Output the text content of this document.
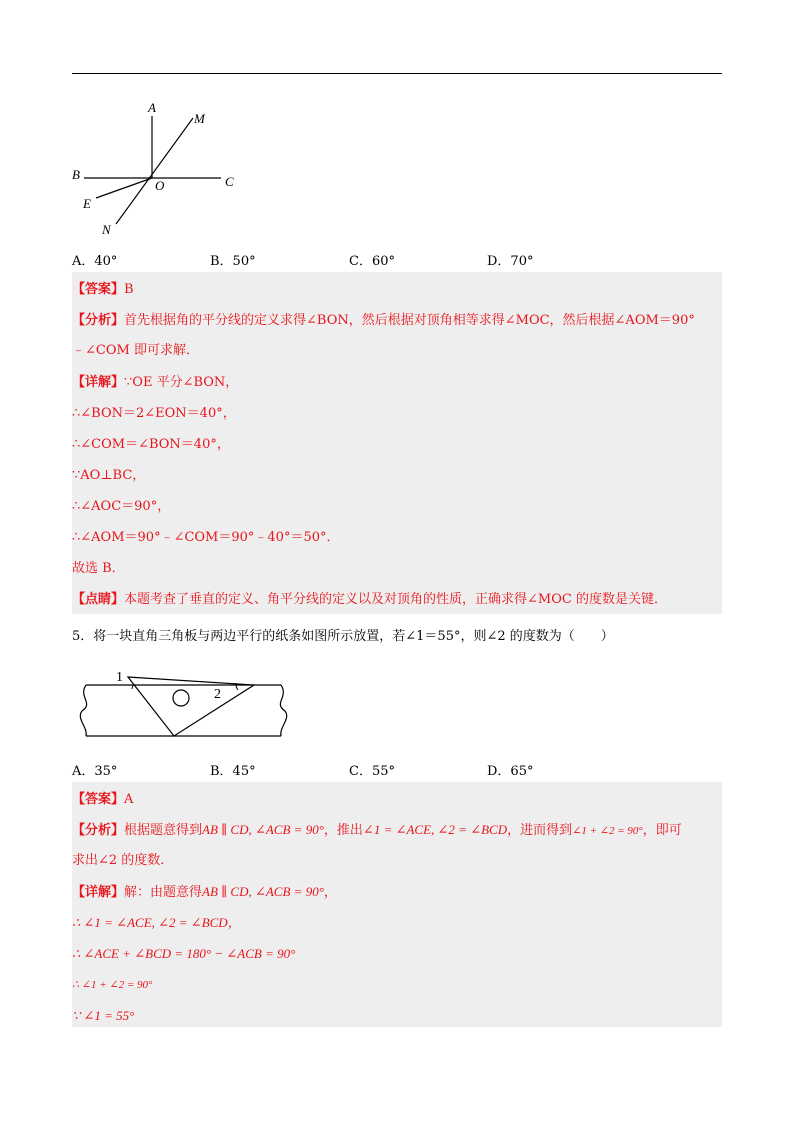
A
M
B
O	C
E
N
A．40°	B．50°	C．60°	D．70°
【答案】B
【分析】首先根据角的平分线的定义求得∠BON，然后根据对顶角相等求得∠MOC，然后根据∠AOM＝90°
﹣∠COM 即可求解．
【详解】∵OE 平分∠BON，
∴∠BON＝2∠EON＝40°，
∴∠COM＝∠BON＝40°，
∵AO⊥BC，
∴∠AOC＝90°，
∴∠AOM＝90°﹣∠COM＝90°﹣40°＝50°．
故选 B．
【点睛】本题考查了垂直的定义、角平分线的定义以及对顶角的性质，正确求得∠MOC 的度数是关键．
5．将一块直角三角板与两边平行的纸条如图所示放置，若∠1＝55°，则∠2 的度数为（　　）
1
2
A．35°	B．45°	C．55°	D．65°
【答案】A
【分析】根据题意得到AB ∥ CD, ∠ACB = 90°，推出∠1 = ∠ACE, ∠2 = ∠BCD，进而得到∠1 + ∠2 = 90°，即可
求出∠2 的度数．
【详解】解：由题意得AB ∥ CD, ∠ACB = 90°，
∴ ∠1 = ∠ACE, ∠2 = ∠BCD，
∴ ∠ACE + ∠BCD = 180° − ∠ACB = 90°
∴ ∠1 + ∠2 = 90°
∵ ∠1 = 55°
